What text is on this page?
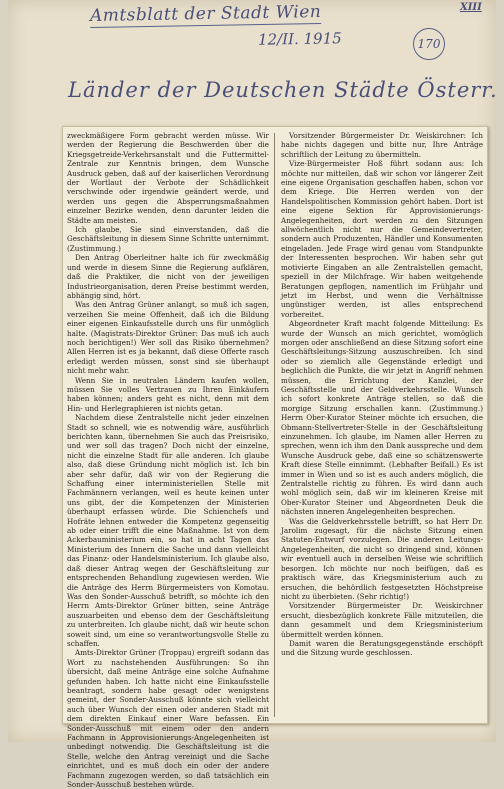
Amtsblatt der Stadt Wien	XIII
12/II. 1915	170
Länder der Deutschen Städte Österr.

zweckmäßigere Form gebracht werden müsse. Wir werden der Regierung die Beschwerden über die Kriegsgetreide-Verkehrsanstalt und die Futtermittel-Zentrale zur Kenntnis bringen, dem Wunsche Ausdruck geben, daß auf der kaiserlichen Verordnung der Wortlaut der Verbote der Schädlichkeit verschwinde oder irgendwie geändert werde, und werden uns gegen die Absperrungsmaßnahmen einzelner Bezirke wenden, denn darunter leiden die Städte am meisten.

Ich glaube, Sie sind einverstanden, daß die Geschäftsleitung in diesem Sinne Schritte unternimmt. (Zustimmung.)

Den Antrag Oberleitner halte ich für zweckmäßig und werde in diesem Sinne die Regierung aufklären, daß die Praktiker, die nicht von der jeweiligen Industrieorganisation, deren Preise bestimmt werden, abhängig sind, hört.

Was den Antrag Grüner anlangt, so muß ich sagen, verzeihen Sie meine Offenheit, daß ich die Bildung einer eigenen Einkaufsstelle durch uns für unmöglich halte. (Magistrats-Direktor Grüner: Das muß ich auch noch berichtigen!) Wer soll das Risiko übernehmen? Allen Herren ist es ja bekannt, daß diese Offerte rasch erledigt werden müssen, sonst sind sie überhaupt nicht mehr wahr.

Wenn Sie in neutralen Ländern kaufen wollen, müssen Sie volles Vertrauen zu Ihren Einkäufern haben können; anders geht es nicht, denn mit dem Hin- und Herlegraphieren ist nichts getan.

Nachdem diese Zentralstelle nicht jeder einzelnen Stadt so schnell, wie es notwendig wäre, ausführlich berichten kann, übernehmen Sie auch das Preisrisiko, und wer soll das tragen? Doch nicht der einzelne, nicht die einzelne Stadt für alle anderen. Ich glaube also, daß diese Gründung nicht möglich ist. Ich bin aber sehr dafür, daß wir von der Regierung die Schaffung einer interministeriellen Stelle mit Fachmännern verlangen, weil es heute keinen unter uns gibt, der die Kompetenzen der Ministerien überhaupt erfassen würde. Die Schienchefs und Hofräte lehnen entweder die Kompetenz gegenseitig ab oder einer trifft die eine Maßnahme. Ist von dem Ackerbauministerium ein, so hat in acht Tagen das Ministerium des Innern die Sache und dann vielleicht das Finanz- oder Handelsministerium. Ich glaube also, daß dieser Antrag wegen der Geschäftsleitung zur entsprechenden Behandlung zugewiesen werden. Wie die Anträge des Herrn Bürgermeisters von Komotau. Was den Sonder-Ausschuß betrifft, so möchte ich den Herrn Amts-Direktor Grüner bitten, seine Anträge auszuarbeiten und ebenso dem der Geschäftsleitung zu unterbreiten. Ich glaube nicht, daß wir heute schon soweit sind, um eine so verantwortungsvolle Stelle zu schaffen.

Amts-Direktor Grüner (Troppau) ergreift sodann das Wort zu nachstehenden Ausführungen: So ihn übersicht, daß meine Anträge eine solche Aufnahme gefunden haben. Ich hatte nicht eine Einkaufsstelle beantragt, sondern habe gesagt oder wenigstens gemeint, der Sonder-Ausschuß könnte sich vielleicht auch über Wunsch der einen oder anderen Stadt mit dem direkten Einkauf einer Ware befassen. Ein Sonder-Ausschuß mit einem oder den andern Fachmann in Approvisionierungs-Angelegenheiten ist unbedingt notwendig. Die Geschäftsleitung ist die Stelle, welche den Antrag vereinigt und die Sache einrichtet, und es muß doch ein oder der andere Fachmann zugezogen werden, so daß tatsächlich ein Sonder-Ausschuß bestehen würde.

Vorsitzender Bürgermeister Dr. Weiskirchner: Ich habe nichts dagegen und bitte nur, Ihre Anträge schriftlich der Leitung zu übermitteln.

Vize-Bürgermeister Hoß führt sodann aus: Ich möchte nur mitteilen, daß wir schon vor längerer Zeit eine eigene Organisation geschaffen haben, schon vor dem Kriege. Die Herren werden von der Handelspolitischen Kommission gehört haben. Dort ist eine eigene Sektion für Approvisionierungs-Angelegenheiten, dort werden zu den Sitzungen allwöchentlich nicht nur die Gemeindevertreter, sondern auch Produzenten, Händler und Konsumenten eingeladen. Jede Frage wird genau vom Standpunkte der Interessenten besprochen. Wir haben sehr gut motivierte Eingaben an alle Zentralstellen gemacht, speziell in der Milchfrage. Wir haben weitgehende Beratungen gepflogen, namentlich im Frühjahr und jetzt im Herbst, und wenn die Verhältnisse ungünstiger werden, ist alles entsprechend vorbereitet.

Abgeordneter Kraft macht folgende Mitteilung: Es wurde der Wunsch an mich gerichtet, womöglich morgen oder anschließend an diese Sitzung sofort eine Geschäftsleitungs-Sitzung auszuschreiben. Ich sind oder so ziemlich alle Gegenstände erledigt und beglichlich die Punkte, die wir jetzt in Angriff nehmen müssen, die Errichtung der Kanzlei, der Geschäftsstelle und der Geldverkehrsstelle. Wunsch ich sofort konkrete Anträge stellen, so daß die morgige Sitzung erschallen kann. (Zustimmung.) Herrn Ober-Kurator Steiner möchte ich ersuchen, die Obmann-Stellvertreter-Stelle in der Geschäftsleitung einzunehmen. Ich glaube, im Namen aller Herren zu sprechen, wenn ich ihm den Dank ausspreche und dem Wunsche Ausdruck gebe, daß eine so schätzenswerte Kraft diese Stelle einnimmt. (Lebhafter Beifall.) Es ist immer in Wien und so ist es auch anders möglich, die Zentralstelle richtig zu führen. Es wird dann auch wohl möglich sein, daß wir im kleineren Kreise mit Ober-Kurator Steiner und Abgeordneten Deuk die nächsten inneren Angelegenheiten besprechen.

Was die Geldverkehrsstelle betrifft, so hat Herr Dr. Jarolim zugesagt, für die nächste Sitzung einen Statuten-Entwurf vorzulegen. Die anderen Leitungs-Angelegenheiten, die nicht so dringend sind, können wir eventuell auch in derselben Weise wie schriftlich besorgen. Ich möchte nur noch beifügen, daß es praktisch wäre, das Kriegsministerium auch zu ersuchen, die behördlich festgesetzten Höchstpreise nicht zu überbieten. (Sehr richtig!)

Vorsitzender Bürgermeister Dr. Weiskirchner ersucht, diesbezüglich konkrete Fälle mitzuteilen, die dann gesammelt und dem Kriegsministerium übermittelt werden können.

Damit waren die Beratungsgegenstände erschöpft und die Sitzung wurde geschlossen.
